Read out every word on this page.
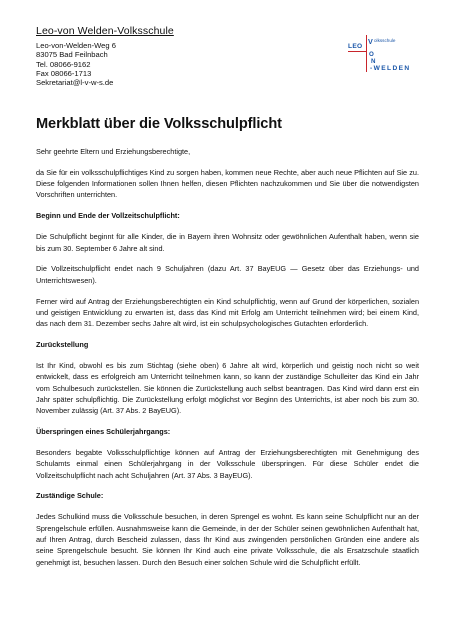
Leo-von Welden-Volksschule
Leo-von-Welden-Weg 6
83075 Bad Feilnbach
Tel. 08066-9162
Fax 08066-1713
Sekretariat@l-v-w-s.de
V olksschule
LEO
O
N
-WELDEN
Merkblatt über die Volksschulpflicht

Sehr geehrte Eltern und Erziehungsberechtigte,

da Sie für ein volksschulpflichtiges Kind zu sorgen haben, kommen neue Rechte, aber auch neue Pflichten auf Sie zu. Diese folgenden Informationen sollen Ihnen helfen, diesen Pflichten nachzukommen und Sie über die notwendigsten Vorschriften unterrichten.

Beginn und Ende der Vollzeitschulpflicht:

Die Schulpflicht beginnt für alle Kinder, die in Bayern ihren Wohnsitz oder gewöhnlichen Aufenthalt haben, wenn sie bis zum 30. September 6 Jahre alt sind.

Die Vollzeitschulpflicht endet nach 9 Schuljahren (dazu Art. 37 BayEUG — Gesetz über das Erziehungs- und Unterrichtswesen).

Ferner wird auf Antrag der Erziehungsberechtigten ein Kind schulpflichtig, wenn auf Grund der körperlichen, sozialen und geistigen Entwicklung zu erwarten ist, dass das Kind mit Erfolg am Unterricht teilnehmen wird; bei einem Kind, das nach dem 31. Dezember sechs Jahre alt wird, ist ein schulpsychologisches Gutachten erforderlich.

Zurückstellung

Ist Ihr Kind, obwohl es bis zum Stichtag (siehe oben) 6 Jahre alt wird, körperlich und geistig noch nicht so weit entwickelt, dass es erfolgreich am Unterricht teilnehmen kann, so kann der zuständige Schulleiter das Kind ein Jahr vom Schulbesuch zurückstellen. Sie können die Zurückstellung auch selbst beantragen. Das Kind wird dann erst ein Jahr später schulpflichtig. Die Zurückstellung erfolgt möglichst vor Beginn des Unterrichts, ist aber noch bis zum 30. November zulässig (Art. 37 Abs. 2 BayEUG).

Überspringen eines Schülerjahrgangs:

Besonders begabte Volksschulpflichtige können auf Antrag der Erziehungsberechtigten mit Genehmigung des Schulamts einmal einen Schülerjahrgang in der Volksschule überspringen. Für diese Schüler endet die Vollzeitschulpflicht nach acht Schuljahren (Art. 37 Abs. 3 BayEUG).

Zuständige Schule:

Jedes Schulkind muss die Volksschule besuchen, in deren Sprengel es wohnt. Es kann seine Schulpflicht nur an der Sprengelschule erfüllen. Ausnahmsweise kann die Gemeinde, in der der Schüler seinen gewöhnlichen Aufenthalt hat, auf Ihren Antrag, durch Bescheid zulassen, dass Ihr Kind aus zwingenden persönlichen Gründen eine andere als seine Sprengelschule besucht. Sie können Ihr Kind auch eine private Volksschule, die als Ersatzschule staatlich genehmigt ist, besuchen lassen. Durch den Besuch einer solchen Schule wird die Schulpflicht erfüllt.
